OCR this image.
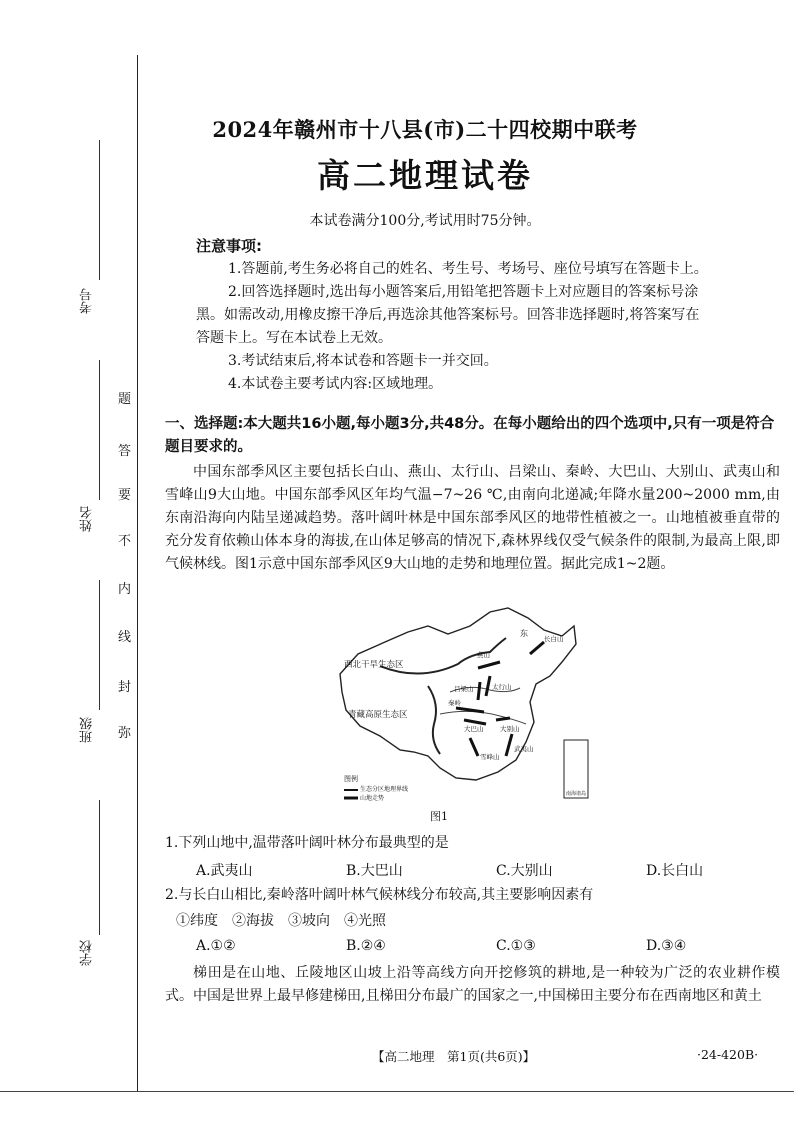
考号
姓名
班级
学校
题
答
要
不
内
线
封
弥
2024年赣州市十八县(市)二十四校期中联考
高二地理试卷
本试卷满分100分,考试用时75分钟。
注意事项:
1.答题前,考生务必将自己的姓名、考生号、考场号、座位号填写在答题卡上。
2.回答选择题时,选出每小题答案后,用铅笔把答题卡上对应题目的答案标号涂
黑。如需改动,用橡皮擦干净后,再选涂其他答案标号。回答非选择题时,将答案写在
答题卡上。写在本试卷上无效。
3.考试结束后,将本试卷和答题卡一并交回。
4.本试卷主要考试内容:区域地理。
一、选择题:本大题共16小题,每小题3分,共48分。在每小题给出的四个选项中,只有一项是符合题目要求的。
中国东部季风区主要包括长白山、燕山、太行山、吕梁山、秦岭、大巴山、大别山、武夷山和雪峰山9大山地。中国东部季风区年均气温−7~26 ℃,由南向北递减;年降水量200~2000 mm,由东南沿海向内陆呈递减趋势。落叶阔叶林是中国东部季风区的地带性植被之一。山地植被垂直带的充分发育依赖山体本身的海拔,在山体足够高的情况下,森林界线仅受气候条件的限制,为最高上限,即气候林线。图1示意中国东部季风区9大山地的走势和地理位置。据此完成1~2题。
西北干旱生态区
青藏高原生态区
东
图例
生态分区地理界线
山地走势
南海诸岛
燕山
长白山
太行山
吕梁山
秦岭
大巴山	大别山
武夷山
雪峰山
图1
1.下列山地中,温带落叶阔叶林分布最典型的是
A.武夷山	B.大巴山	C.大别山	D.长白山
2.与长白山相比,秦岭落叶阔叶林气候林线分布较高,其主要影响因素有
①纬度　②海拔　③坡向　④光照
A.①②	B.②④	C.①③	D.③④
梯田是在山地、丘陵地区山坡上沿等高线方向开挖修筑的耕地,是一种较为广泛的农业耕作模式。中国是世界上最早修建梯田,且梯田分布最广的国家之一,中国梯田主要分布在西南地区和黄土
【高二地理　第1页(共6页)】	·24-420B·
